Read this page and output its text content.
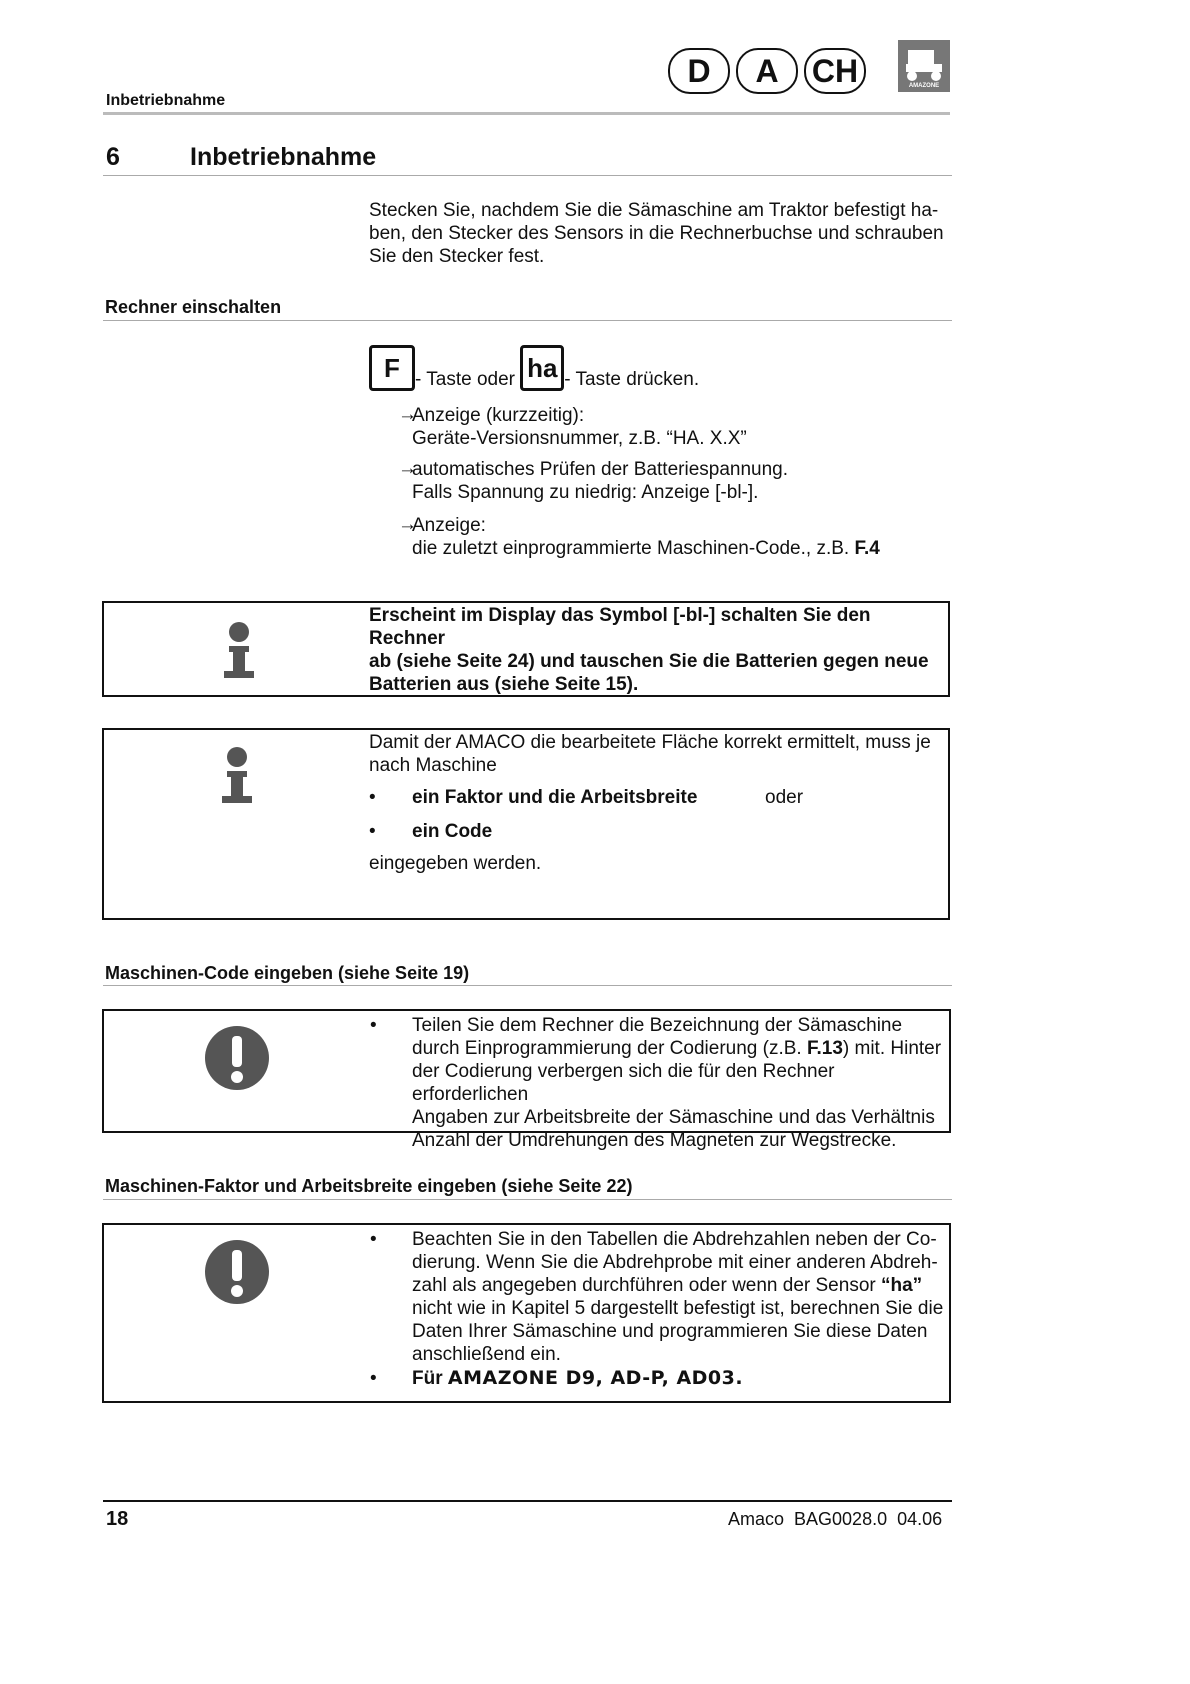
Inbetriebnahme
D	A	CH	AMAZONE
6	Inbetriebnahme

Stecken Sie, nachdem Sie die Sämaschine am Traktor befestigt ha-

ben, den Stecker des Sensors in die Rechnerbuchse und schrauben

Sie den Stecker fest.

Rechner einschalten
F - Taste oder ha - Taste drücken.
→

Anzeige (kurzzeitig):

Geräte-Versionsnummer, z.B. “HA. X.X”

→

automatisches Prüfen der Batteriespannung.

Falls Spannung zu niedrig: Anzeige [-bl-].

→

Anzeige:

die zuletzt einprogrammierte Maschinen-Code., z.B. F.4

Erscheint im Display das Symbol [-bl-] schalten Sie den Rechner

ab (siehe Seite 24) und tauschen Sie die Batterien gegen neue

Batterien aus (siehe Seite 15).

Damit der AMACO die bearbeitete Fläche korrekt ermittelt, muss je

nach Maschine

• ein Faktor und die Arbeitsbreite	oder
• ein Code
eingegeben werden.
Maschinen-Code eingeben (siehe Seite 19)
• Teilen Sie dem Rechner die Bezeichnung der Sämaschine

durch Einprogrammierung der Codierung (z.B. F.13) mit. Hinter

der Codierung verbergen sich die für den Rechner erforderlichen

Angaben zur Arbeitsbreite der Sämaschine und das Verhältnis

Anzahl der Umdrehungen des Magneten zur Wegstrecke.

Maschinen-Faktor und Arbeitsbreite eingeben (siehe Seite 22)
• Beachten Sie in den Tabellen die Abdrehzahlen neben der Co-

dierung. Wenn Sie die Abdrehprobe mit einer anderen Abdreh-

zahl als angegeben durchführen oder wenn der Sensor “ha”

nicht wie in Kapitel 5 dargestellt befestigt ist, berechnen Sie die

Daten Ihrer Sämaschine und programmieren Sie diese Daten

anschließend ein.

• Für AMAZONE D9, AD-P, AD03.
18	Amaco  BAG0028.0  04.06
